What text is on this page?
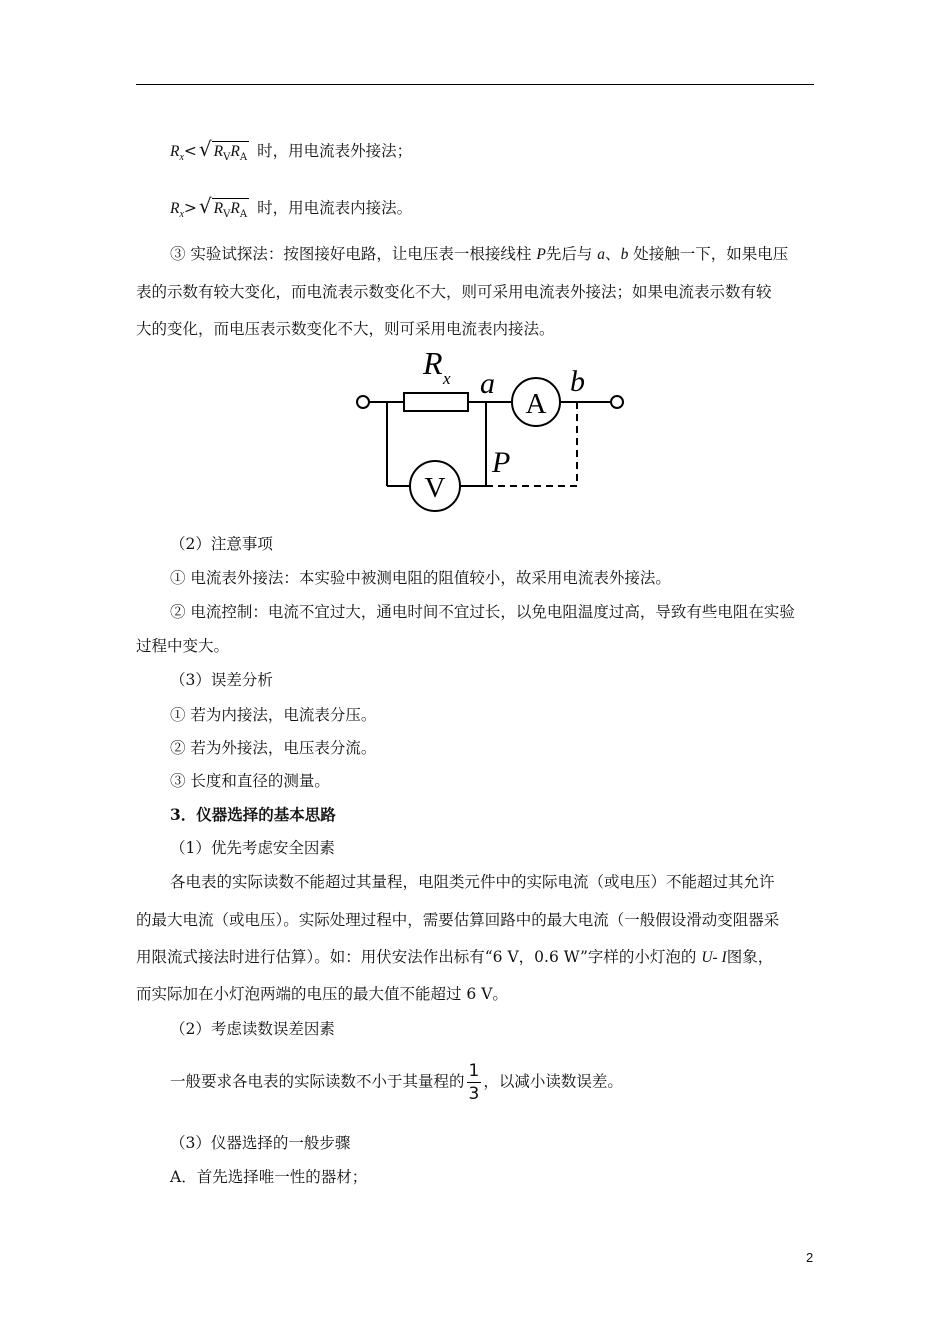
$R_x<$ √ $R_VR_A$ 时，用电流表外接法；
$R_x>$ √ $R_VR_A$ 时，用电流表内接法。
③ 实验试探法：按图接好电路，让电压表一根接线柱 P先后与 a、b 处接触一下，如果电压
表的示数有较大变化，而电流表示数变化不大，则可采用电流表外接法；如果电流表示数有较
大的变化，而电压表示数变化不大，则可采用电流表内接法。
R x a	b
P
A
V
（2）注意事项
① 电流表外接法：本实验中被测电阻的阻值较小，故采用电流表外接法。
② 电流控制：电流不宜过大，通电时间不宜过长，以免电阻温度过高，导致有些电阻在实验
过程中变大。
（3）误差分析
① 若为内接法，电流表分压。
② 若为外接法，电压表分流。
③ 长度和直径的测量。
3．仪器选择的基本思路
（1）优先考虑安全因素
各电表的实际读数不能超过其量程，电阻类元件中的实际电流（或电压）不能超过其允许
的最大电流（或电压）。实际处理过程中，需要估算回路中的最大电流（一般假设滑动变阻器采
用限流式接法时进行估算）。如：用伏安法作出标有“6 V，0.6 W”字样的小灯泡的 U- I图象，
而实际加在小灯泡两端的电压的最大值不能超过 6 V。
（2）考虑读数误差因素
一般要求各电表的实际读数不小于其量程的 $\frac{1}{3}$ ，以减小读数误差。
（3）仪器选择的一般步骤
A．首先选择唯一性的器材；
2
